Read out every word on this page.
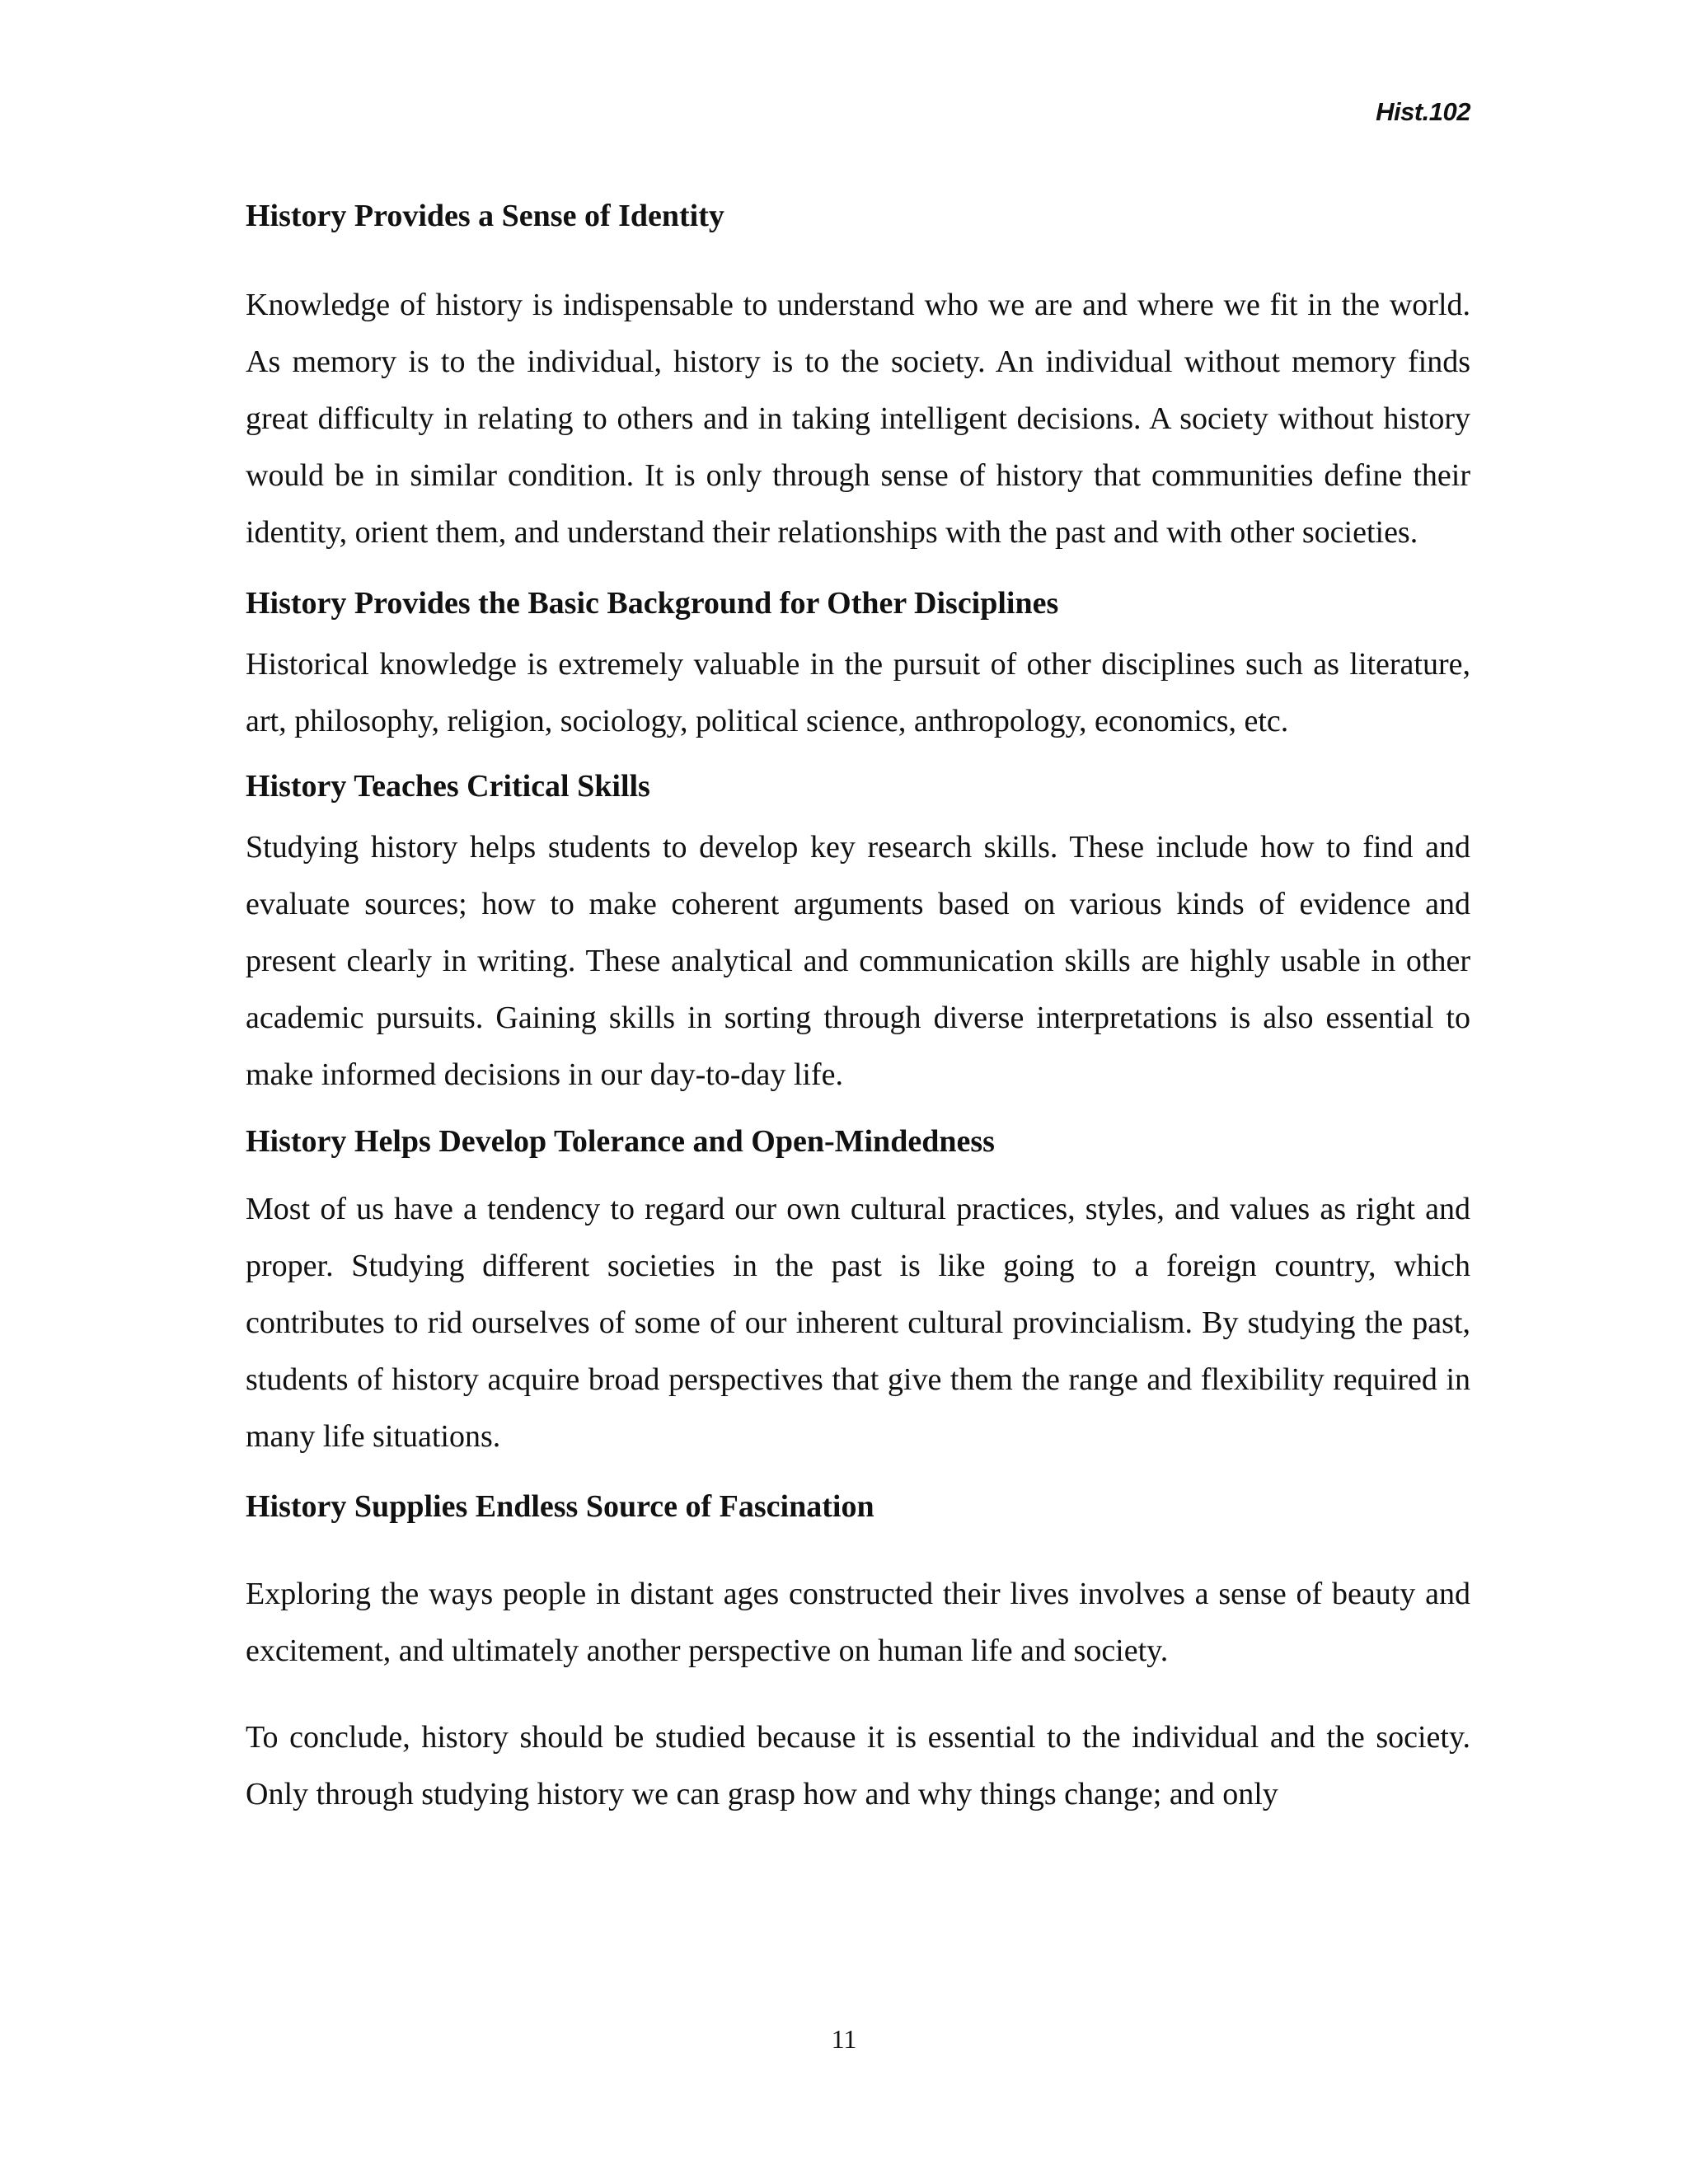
Hist.102
History Provides a Sense of Identity

Knowledge of history is indispensable to understand who we are and where we fit in the world. As memory is to the individual, history is to the society. An individual without memory finds great difficulty in relating to others and in taking intelligent decisions. A society without history would be in similar condition. It is only through sense of history that communities define their identity, orient them, and understand their relationships with the past and with other societies.

History Provides the Basic Background for Other Disciplines

Historical knowledge is extremely valuable in the pursuit of other disciplines such as literature, art, philosophy, religion, sociology, political science, anthropology, economics, etc.

History Teaches Critical Skills

Studying history helps students to develop key research skills. These include how to find and evaluate sources; how to make coherent arguments based on various kinds of evidence and present clearly in writing. These analytical and communication skills are highly usable in other academic pursuits. Gaining skills in sorting through diverse interpretations is also essential to make informed decisions in our day-to-day life.

History Helps Develop Tolerance and Open-Mindedness

Most of us have a tendency to regard our own cultural practices, styles, and values as right and proper. Studying different societies in the past is like going to a foreign country, which contributes to rid ourselves of some of our inherent cultural provincialism. By studying the past, students of history acquire broad perspectives that give them the range and flexibility required in many life situations.

History Supplies Endless Source of Fascination

Exploring the ways people in distant ages constructed their lives involves a sense of beauty and excitement, and ultimately another perspective on human life and society.

To conclude, history should be studied because it is essential to the individual and the society. Only through studying history we can grasp how and why things change; and only

11
